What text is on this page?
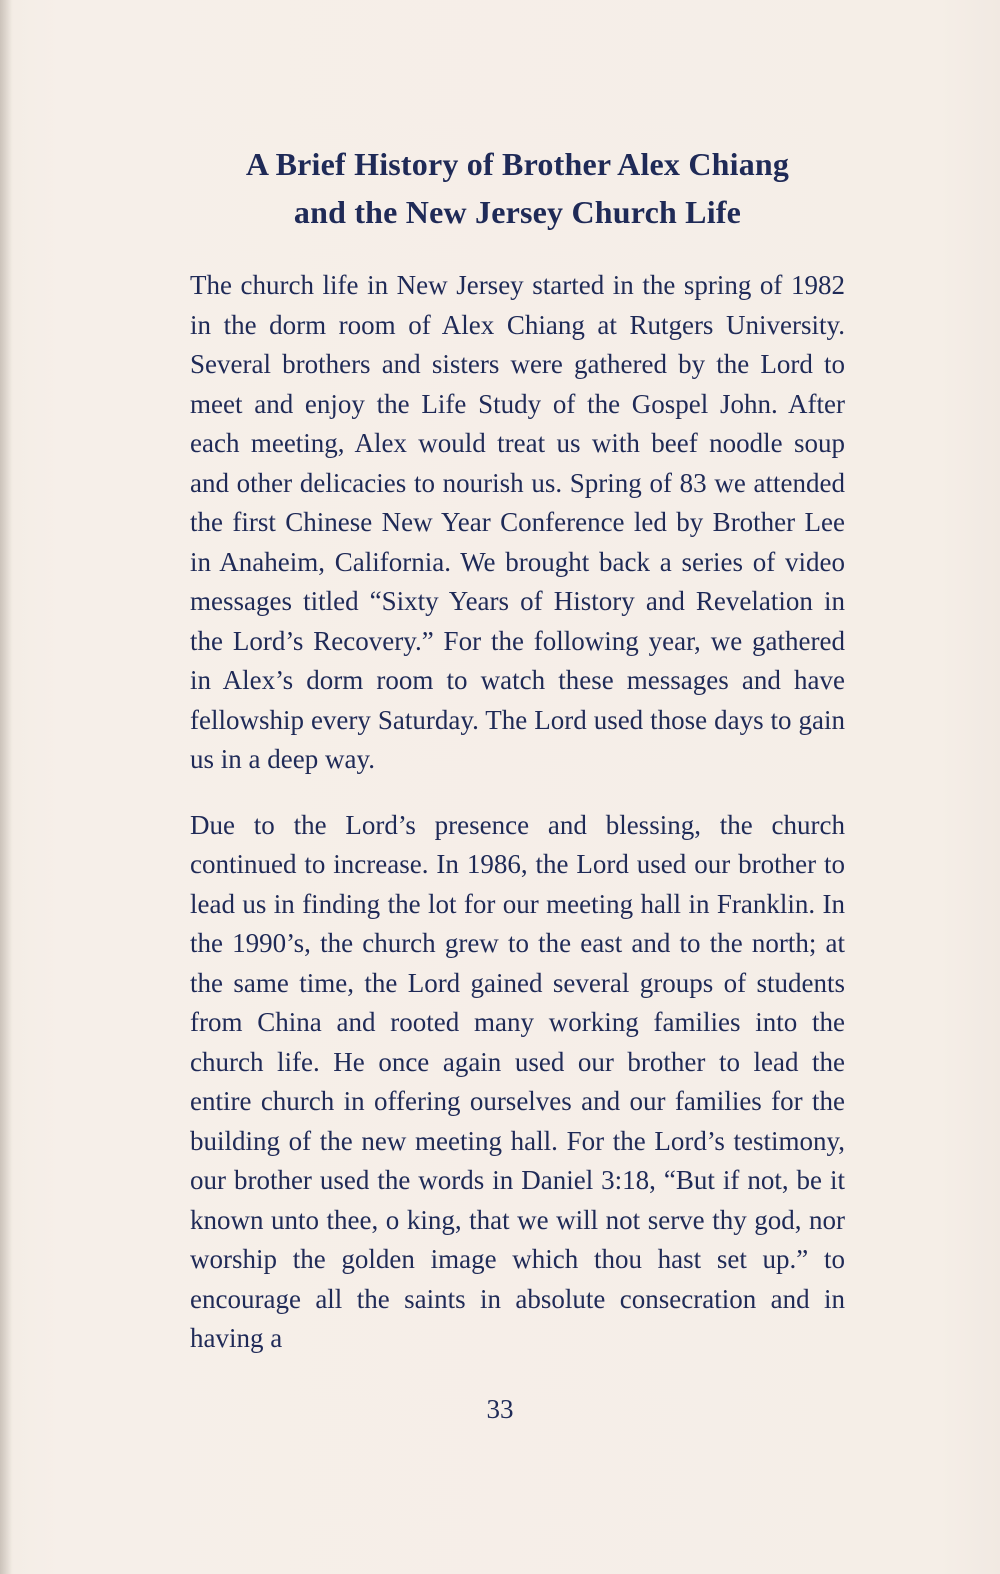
A Brief History of Brother Alex Chiang
and the New Jersey Church Life

The church life in New Jersey started in the spring of 1982 in the dorm room of Alex Chiang at Rutgers University. Several brothers and sisters were gathered by the Lord to meet and enjoy the Life Study of the Gospel John. After each meeting, Alex would treat us with beef noodle soup and other delicacies to nourish us. Spring of 83 we attended the first Chinese New Year Conference led by Brother Lee in Anaheim, California. We brought back a series of video messages titled “Sixty Years of History and Revelation in the Lord’s Recovery.” For the following year, we gathered in Alex’s dorm room to watch these messages and have fellowship every Saturday. The Lord used those days to gain us in a deep way.

Due to the Lord’s presence and blessing, the church continued to increase. In 1986, the Lord used our brother to lead us in finding the lot for our meeting hall in Franklin. In the 1990’s, the church grew to the east and to the north; at the same time, the Lord gained several groups of students from China and rooted many working families into the church life. He once again used our brother to lead the entire church in offering ourselves and our families for the building of the new meeting hall. For the Lord’s testimony, our brother used the words in Daniel 3:18, “But if not, be it known unto thee, o king, that we will not serve thy god, nor worship the golden image which thou hast set up.” to encourage all the saints in absolute consecration and in having a

33
